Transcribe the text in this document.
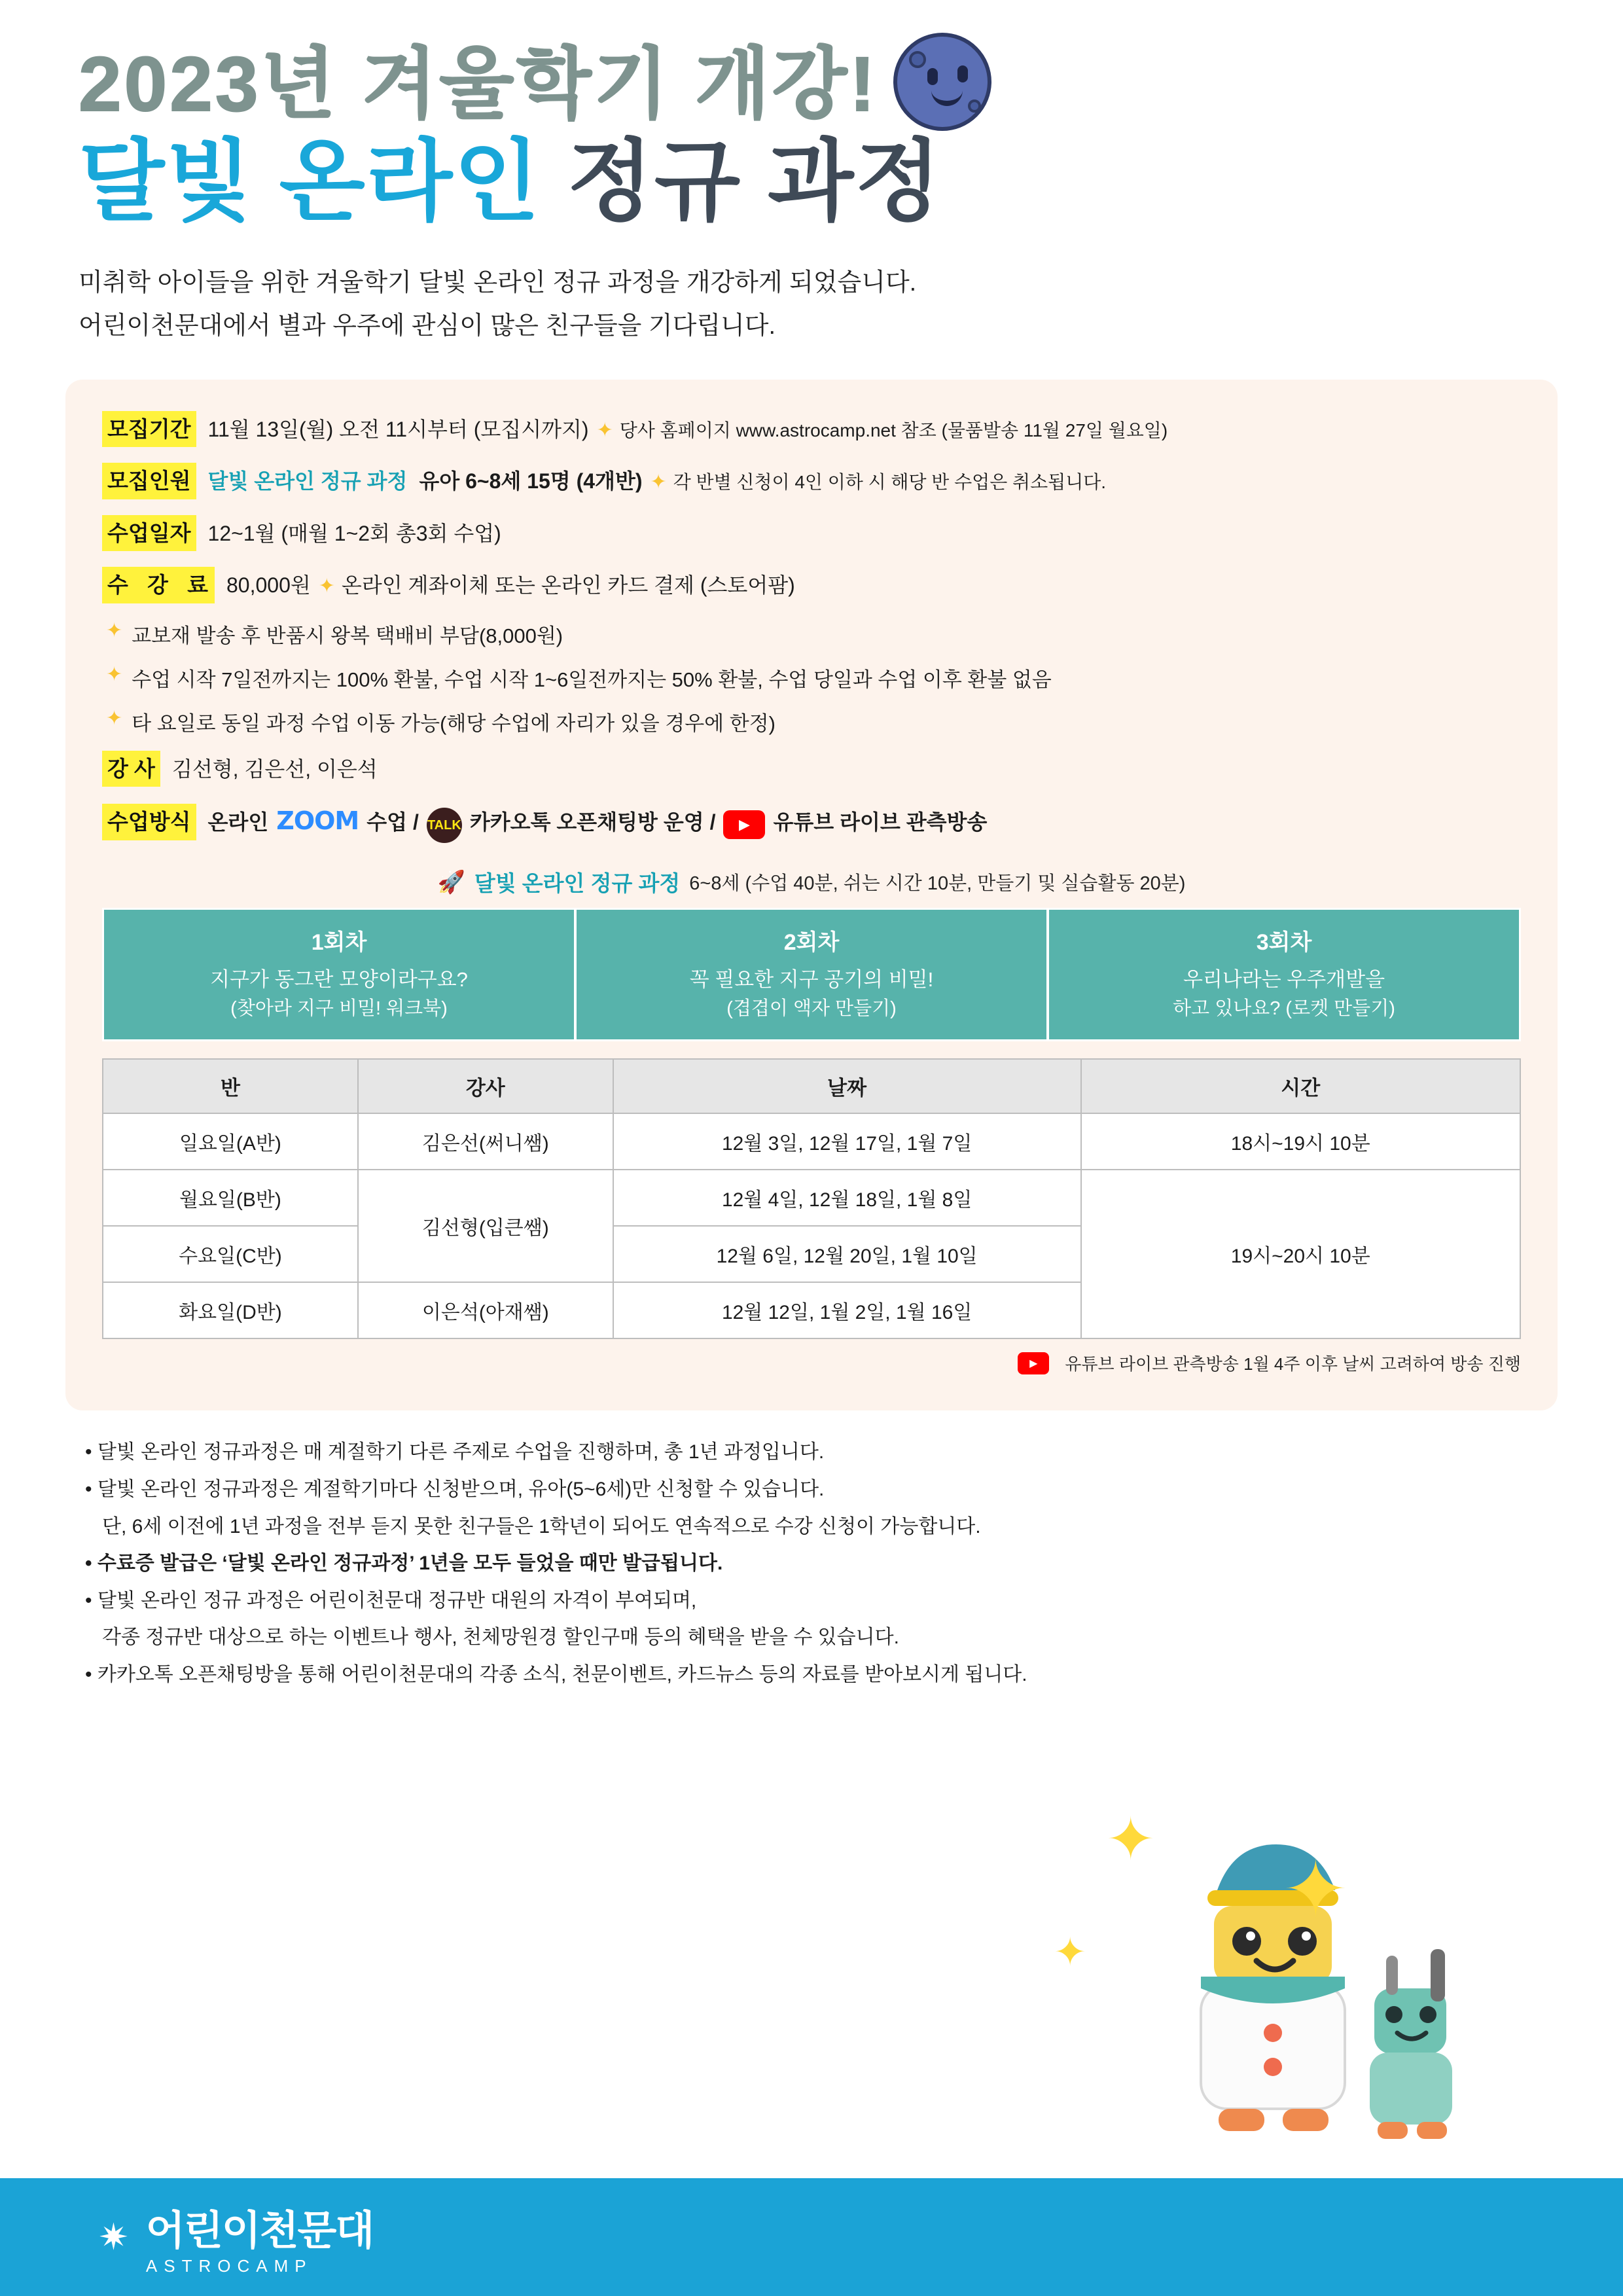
2023년 겨울학기 개강!
달빛 온라인 정규 과정
미취학 아이들을 위한 겨울학기 달빛 온라인 정규 과정을 개강하게 되었습니다.
어린이천문대에서 별과 우주에 관심이 많은 친구들을 기다립니다.
모집기간 11월 13일(월) 오전 11시부터 (모집시까지) ✦ 당사 홈페이지 www.astrocamp.net 참조 (물품발송 11월 27일 월요일)
모집인원 달빛 온라인 정규 과정 유아 6~8세 15명 (4개반) ✦ 각 반별 신청이 4인 이하 시 해당 반 수업은 취소됩니다.
수업일자 12~1월 (매월 1~2회 총3회 수업)
수 강 료 80,000원 ✦ 온라인 계좌이체 또는 온라인 카드 결제 (스토어팜)
✦ 교보재 발송 후 반품시 왕복 택배비 부담(8,000원)
✦ 수업 시작 7일전까지는 100% 환불, 수업 시작 1~6일전까지는 50% 환불, 수업 당일과 수업 이후 환불 없음
✦ 타 요일로 동일 과정 수업 이동 가능(해당 수업에 자리가 있을 경우에 한정)
강 사 김선형, 김은선, 이은석
수업방식 온라인 ZOOM 수업 / TALK 카카오톡 오픈채팅방 운영 /	▶	유튜브 라이브 관측방송
🚀 달빛 온라인 정규 과정 6~8세 (수업 40분, 쉬는 시간 10분, 만들기 및 실습활동 20분)
1회차
지구가 동그란 모양이라구요?
(찾아라 지구 비밀! 워크북)
2회차
꼭 필요한 지구 공기의 비밀!
(겹겹이 액자 만들기)
3회차
우리나라는 우주개발을
하고 있나요? (로켓 만들기)
반	강사	날짜	시간
일요일(A반)	김은선(써니쌤)	12월 3일, 12월 17일, 1월 7일	18시~19시 10분
월요일(B반)	김선형(입큰쌤)	12월 4일, 12월 18일, 1월 8일	19시~20시 10분
수요일(C반)		12월 6일, 12월 20일, 1월 10일	
화요일(D반)	이은석(아재쌤)	12월 12일, 1월 2일, 1월 16일	
▶	유튜브 라이브 관측방송 1월 4주 이후 날씨 고려하여 방송 진행

• 달빛 온라인 정규과정은 매 계절학기 다른 주제로 수업을 진행하며, 총 1년 과정입니다.

• 달빛 온라인 정규과정은 계절학기마다 신청받으며, 유아(5~6세)만 신청할 수 있습니다.

단, 6세 이전에 1년 과정을 전부 듣지 못한 친구들은 1학년이 되어도 연속적으로 수강 신청이 가능합니다.

• 수료증 발급은 ‘달빛 온라인 정규과정’ 1년을 모두 들었을 때만 발급됩니다.

• 달빛 온라인 정규 과정은 어린이천문대 정규반 대원의 자격이 부여되며,

각종 정규반 대상으로 하는 이벤트나 행사, 천체망원경 할인구매 등의 혜택을 받을 수 있습니다.

• 카카오톡 오픈채팅방을 통해 어린이천문대의 각종 소식, 천문이벤트, 카드뉴스 등의 자료를 받아보시게 됩니다.

✦
✦
✦
✷ 어린이천문대
ASTROCAMP
